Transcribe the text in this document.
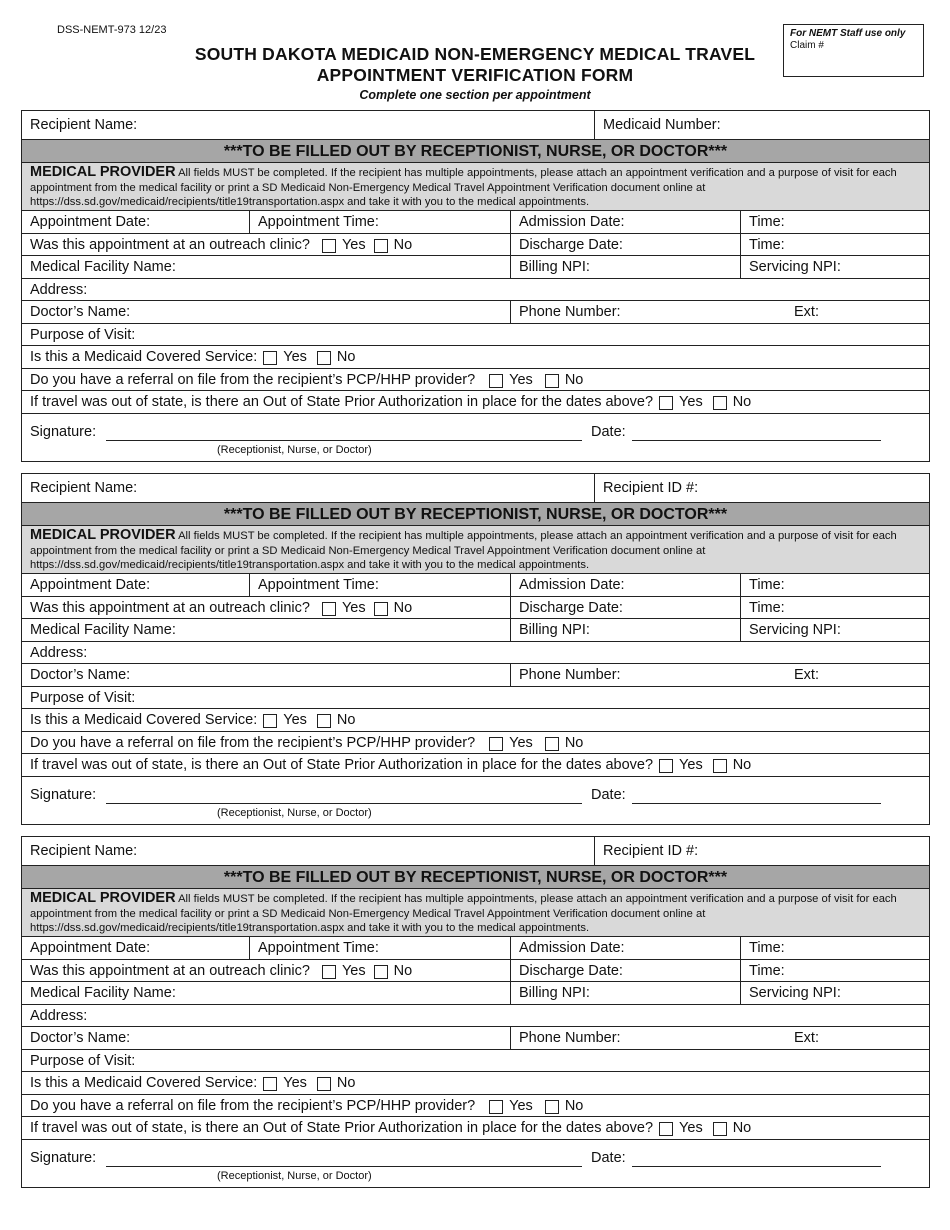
DSS-NEMT-973 12/23	For NEMT Staff use only
Claim #
SOUTH DAKOTA MEDICAID NON-EMERGENCY MEDICAL TRAVEL
APPOINTMENT VERIFICATION FORM
Complete one section per appointment
Recipient Name:	Medicaid Number:
***TO BE FILLED OUT BY RECEPTIONIST, NURSE, OR DOCTOR***
MEDICAL PROVIDER All fields MUST be completed. If the recipient has multiple appointments, please attach an appointment verification and a purpose of visit for each appointment from the medical facility or print a SD Medicaid Non-Emergency Medical Travel Appointment Verification document online at https://dss.sd.gov/medicaid/recipients/title19transportation.aspx and take it with you to the medical appointments.
Appointment Date:	Appointment Time:	Admission Date:	Time:
Was this appointment at an outreach clinic? Yes No	Discharge Date:	Time:
Medical Facility Name:	Billing NPI:	Servicing NPI:
Address:
Doctor’s Name:	Phone Number:	Ext:
Purpose of Visit:
Is this a Medicaid Covered Service: Yes No
Do you have a referral on file from the recipient’s PCP/HHP provider? Yes No
If travel was out of state, is there an Out of State Prior Authorization in place for the dates above? Yes No
Signature:
(Receptionist, Nurse, or Doctor)
Date:
Recipient Name:	Recipient ID #:
***TO BE FILLED OUT BY RECEPTIONIST, NURSE, OR DOCTOR***
MEDICAL PROVIDER All fields MUST be completed. If the recipient has multiple appointments, please attach an appointment verification and a purpose of visit for each appointment from the medical facility or print a SD Medicaid Non-Emergency Medical Travel Appointment Verification document online at https://dss.sd.gov/medicaid/recipients/title19transportation.aspx and take it with you to the medical appointments.
Appointment Date:	Appointment Time:	Admission Date:	Time:
Was this appointment at an outreach clinic? Yes No	Discharge Date:	Time:
Medical Facility Name:	Billing NPI:	Servicing NPI:
Address:
Doctor’s Name:	Phone Number:	Ext:
Purpose of Visit:
Is this a Medicaid Covered Service: Yes No
Do you have a referral on file from the recipient’s PCP/HHP provider? Yes No
If travel was out of state, is there an Out of State Prior Authorization in place for the dates above? Yes No
Signature:
(Receptionist, Nurse, or Doctor)
Date:
Recipient Name:	Recipient ID #:
***TO BE FILLED OUT BY RECEPTIONIST, NURSE, OR DOCTOR***
MEDICAL PROVIDER All fields MUST be completed. If the recipient has multiple appointments, please attach an appointment verification and a purpose of visit for each appointment from the medical facility or print a SD Medicaid Non-Emergency Medical Travel Appointment Verification document online at https://dss.sd.gov/medicaid/recipients/title19transportation.aspx and take it with you to the medical appointments.
Appointment Date:	Appointment Time:	Admission Date:	Time:
Was this appointment at an outreach clinic? Yes No	Discharge Date:	Time:
Medical Facility Name:	Billing NPI:	Servicing NPI:
Address:
Doctor’s Name:	Phone Number:	Ext:
Purpose of Visit:
Is this a Medicaid Covered Service: Yes No
Do you have a referral on file from the recipient’s PCP/HHP provider? Yes No
If travel was out of state, is there an Out of State Prior Authorization in place for the dates above? Yes No
Signature:
(Receptionist, Nurse, or Doctor)
Date:
